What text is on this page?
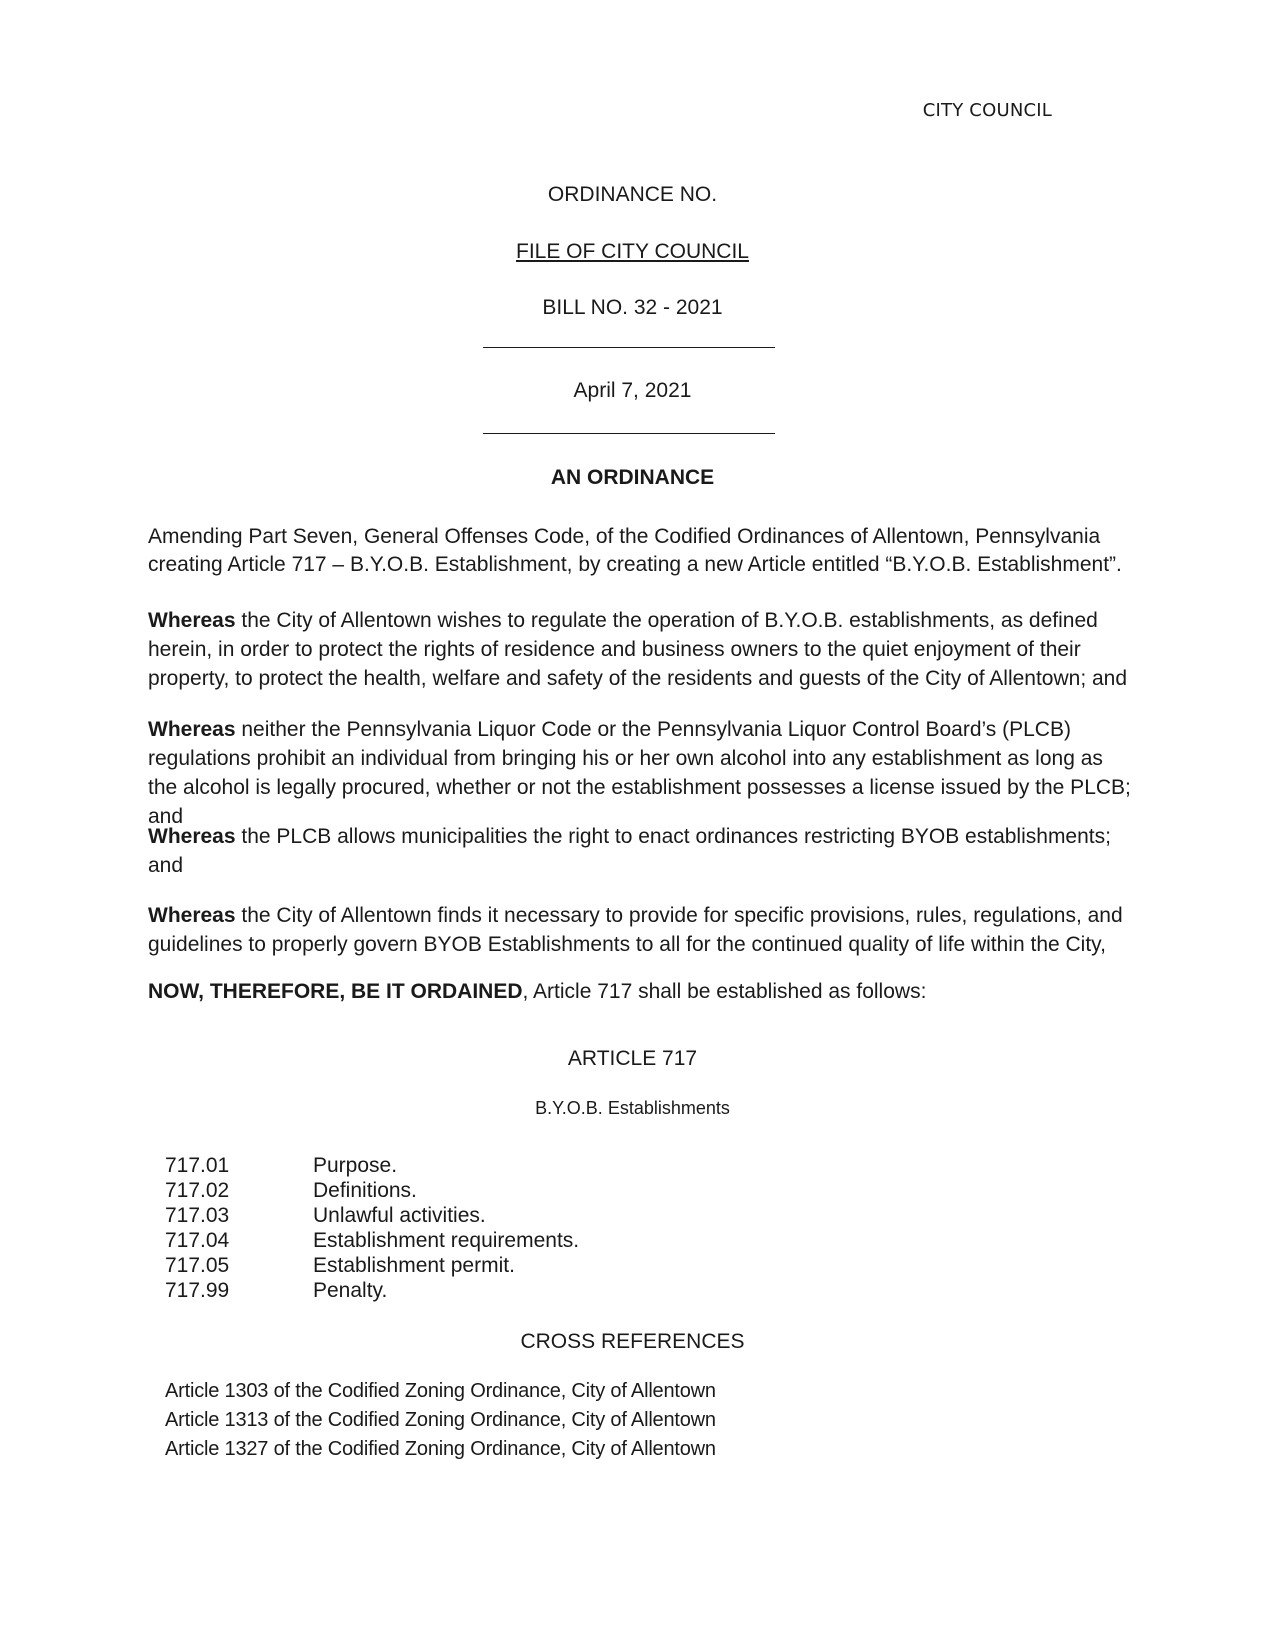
CITY COUNCIL
ORDINANCE NO.
FILE OF CITY COUNCIL
BILL NO. 32 - 2021
April 7, 2021
AN ORDINANCE
Amending Part Seven, General Offenses Code, of the Codified Ordinances of Allentown, Pennsylvania creating Article 717 – B.Y.O.B. Establishment, by creating a new Article entitled “B.Y.O.B. Establishment”.
Whereas the City of Allentown wishes to regulate the operation of B.Y.O.B. establishments, as defined herein, in order to protect the rights of residence and business owners to the quiet enjoyment of their property, to protect the health, welfare and safety of the residents and guests of the City of Allentown; and
Whereas neither the Pennsylvania Liquor Code or the Pennsylvania Liquor Control Board’s (PLCB) regulations prohibit an individual from bringing his or her own alcohol into any establishment as long as the alcohol is legally procured, whether or not the establishment possesses a license issued by the PLCB; and
Whereas the PLCB allows municipalities the right to enact ordinances restricting BYOB establishments; and
Whereas the City of Allentown finds it necessary to provide for specific provisions, rules, regulations, and guidelines to properly govern BYOB Establishments to all for the continued quality of life within the City,
NOW, THEREFORE, BE IT ORDAINED, Article 717 shall be established as follows:
ARTICLE 717
B.Y.O.B. Establishments
717.01	Purpose.
717.02	Definitions.
717.03	Unlawful activities.
717.04	Establishment requirements.
717.05	Establishment permit.
717.99	Penalty.
CROSS REFERENCES
Article 1303 of the Codified Zoning Ordinance, City of Allentown
Article 1313 of the Codified Zoning Ordinance, City of Allentown
Article 1327 of the Codified Zoning Ordinance, City of Allentown
